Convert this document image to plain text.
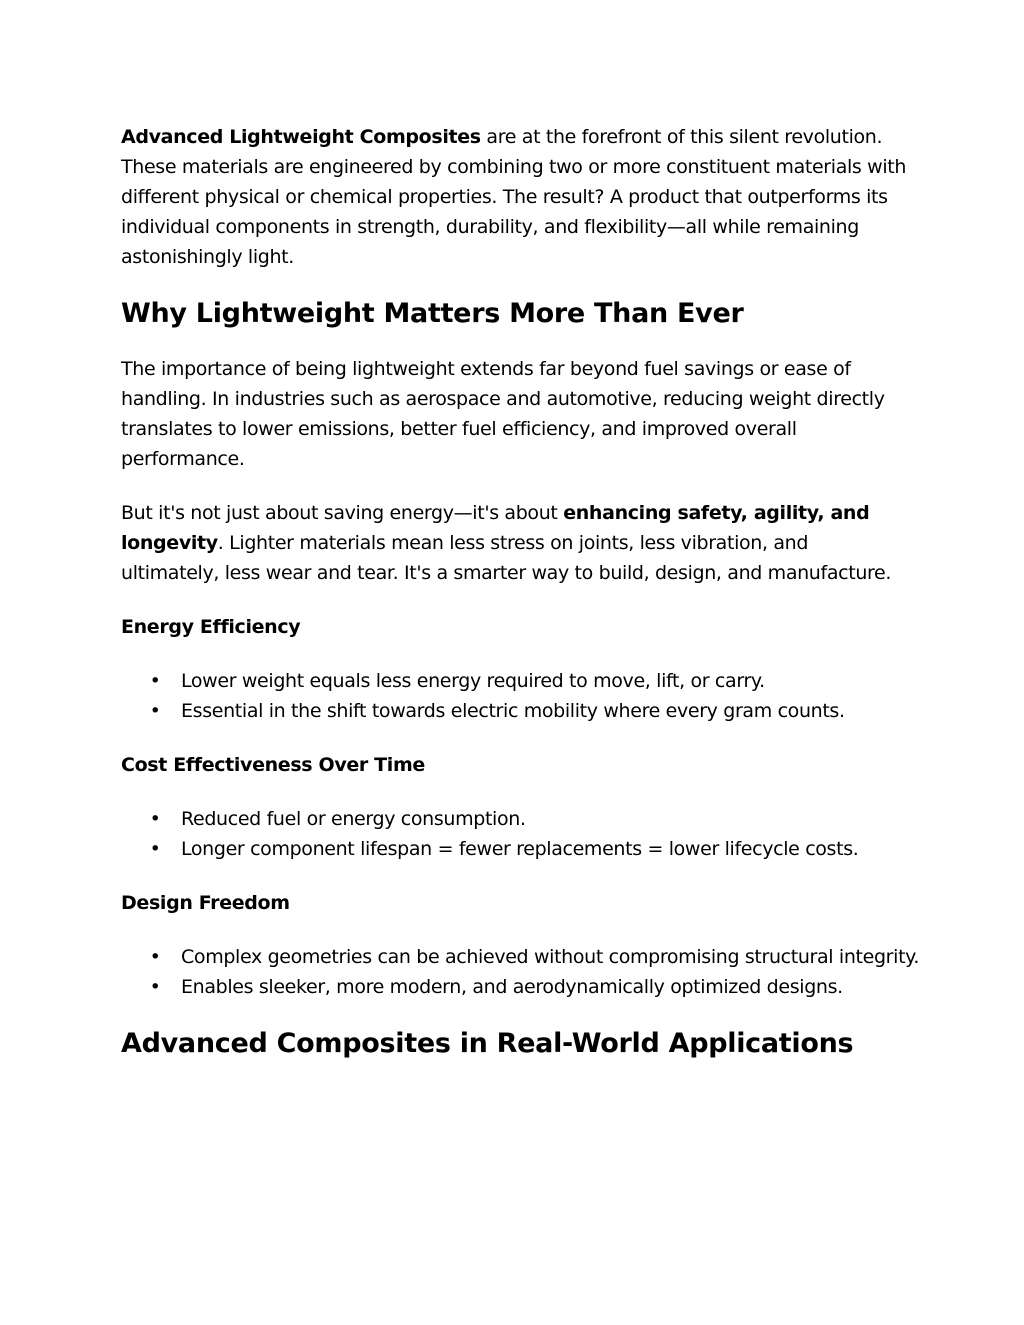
Advanced Lightweight Composites are at the forefront of this silent revolution. These materials are engineered by combining two or more constituent materials with different physical or chemical properties. The result? A product that outperforms its individual components in strength, durability, and flexibility—all while remaining astonishingly light.

Why Lightweight Matters More Than Ever

The importance of being lightweight extends far beyond fuel savings or ease of handling. In industries such as aerospace and automotive, reducing weight directly translates to lower emissions, better fuel efficiency, and improved overall performance.

But it's not just about saving energy—it's about enhancing safety, agility, and longevity. Lighter materials mean less stress on joints, less vibration, and ultimately, less wear and tear. It's a smarter way to build, design, and manufacture.

Energy Efficiency
• Lower weight equals less energy required to move, lift, or carry.
• Essential in the shift towards electric mobility where every gram counts.
Cost Effectiveness Over Time
• Reduced fuel or energy consumption.
• Longer component lifespan = fewer replacements = lower lifecycle costs.
Design Freedom
• Complex geometries can be achieved without compromising structural integrity.
• Enables sleeker, more modern, and aerodynamically optimized designs.
Advanced Composites in Real-World Applications
